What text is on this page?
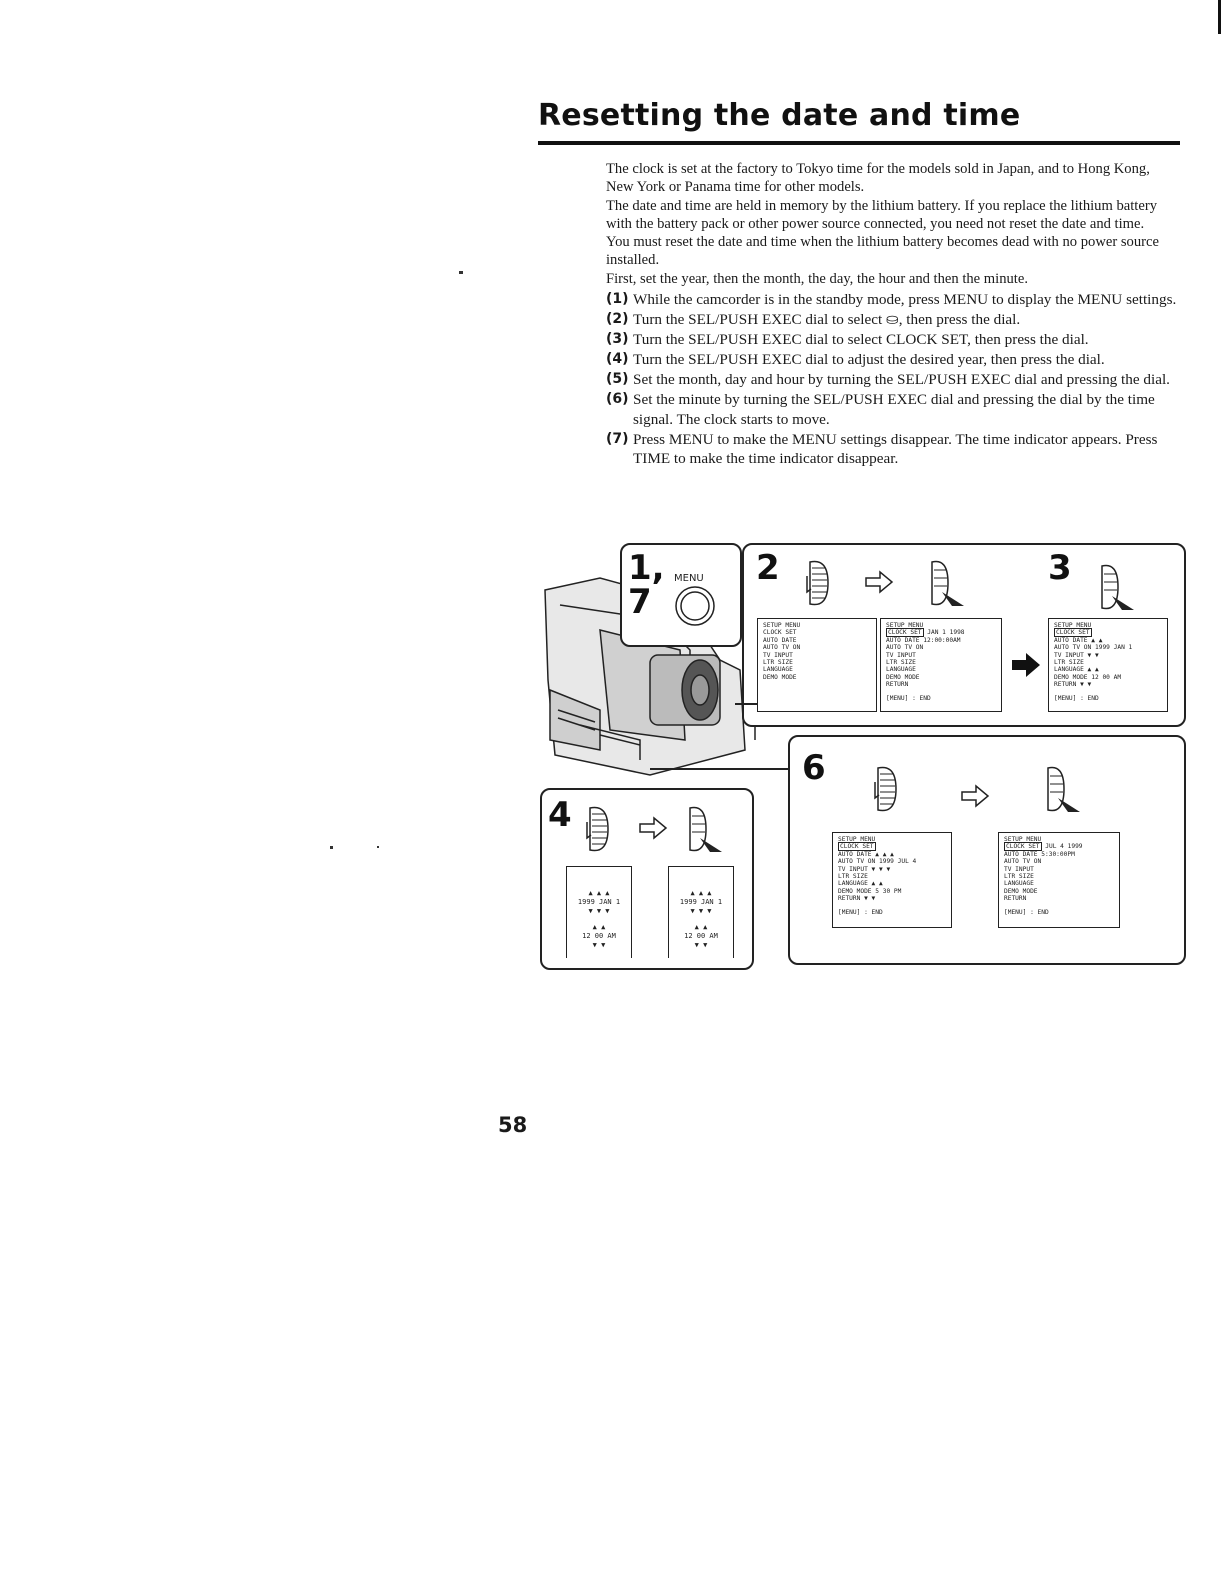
Resetting the date and time

The clock is set at the factory to Tokyo time for the models sold in Japan, and to Hong Kong, New York or Panama time for other models.

The date and time are held in memory by the lithium battery. If you replace the lithium battery with the battery pack or other power source connected, you need not reset the date and time.

You must reset the date and time when the lithium battery becomes dead with no power source installed.

First, set the year, then the month, the day, the hour and then the minute.

(1) While the camcorder is in the standby mode, press MENU to display the MENU settings.
(2) Turn the SEL/PUSH EXEC dial to select ⛀, then press the dial.
(3) Turn the SEL/PUSH EXEC dial to select CLOCK SET, then press the dial.
(4) Turn the SEL/PUSH EXEC dial to adjust the desired year, then press the dial.
(5) Set the month, day and hour by turning the SEL/PUSH EXEC dial and pressing the dial.
(6) Set the minute by turning the SEL/PUSH EXEC dial and pressing the dial by the time signal. The clock starts to move.
(7) Press MENU to make the MENU settings disappear. The time indicator appears. Press TIME to make the time indicator disappear.
1,
7
MENU 2	3
SETUP MENU
CLOCK SET
AUTO DATE
AUTO TV ON
TV INPUT
LTR SIZE
LANGUAGE
DEMO MODE
SETUP MENU
CLOCK SET JAN 1 1998
AUTO DATE 12:00:00AM
AUTO TV ON
TV INPUT
LTR SIZE
LANGUAGE
DEMO MODE
RETURN
[MENU] : END
SETUP MENU
CLOCK SET
AUTO DATE ▲ ▲
AUTO TV ON 1999 JAN 1
TV INPUT ▼ ▼
LTR SIZE
LANGUAGE ▲ ▲
DEMO MODE 12 00 AM
RETURN ▼ ▼
[MENU] : END
6
SETUP MENU
CLOCK SET
AUTO DATE ▲ ▲ ▲
AUTO TV ON 1999 JUL 4
TV INPUT ▼ ▼ ▼
LTR SIZE
LANGUAGE ▲ ▲
DEMO MODE 5 30 PM
RETURN ▼ ▼
[MENU] : END
SETUP MENU
CLOCK SET JUL 4 1999
AUTO DATE 5:30:00PM
AUTO TV ON
TV INPUT
LTR SIZE
LANGUAGE
DEMO MODE
RETURN
[MENU] : END
4
▲ ▲ ▲
1999 JAN 1
▼ ▼ ▼
▲ ▲
12 00 AM
▼ ▼
▲ ▲ ▲
1999 JAN 1
▼ ▼ ▼
▲ ▲
12 00 AM
▼ ▼
58
